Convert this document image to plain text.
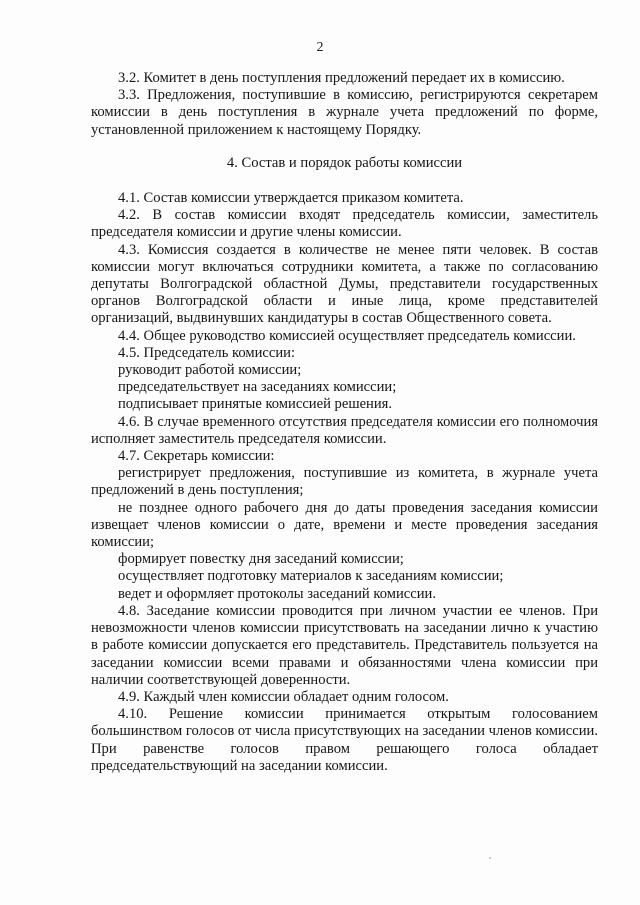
2

3.2. Комитет в день поступления предложений передает их в комиссию.

3.3. Предложения, поступившие в комиссию, регистрируются секретарем комиссии в день поступления в журнале учета предложений по форме, установленной приложением к настоящему Порядку.

4. Состав и порядок работы комиссии

4.1. Состав комиссии утверждается приказом комитета.

4.2. В состав комиссии входят председатель комиссии, заместитель председателя комиссии и другие члены комиссии.

4.3. Комиссия создается в количестве не менее пяти человек. В состав комиссии могут включаться сотрудники комитета, а также по согласованию депутаты Волгоградской областной Думы, представители государственных органов Волгоградской области и иные лица, кроме представителей организаций, выдвинувших кандидатуры в состав Общественного совета.

4.4. Общее руководство комиссией осуществляет председатель комиссии.

4.5. Председатель комиссии:

руководит работой комиссии;

председательствует на заседаниях комиссии;

подписывает принятые комиссией решения.

4.6. В случае временного отсутствия председателя комиссии его полномочия исполняет заместитель председателя комиссии.

4.7. Секретарь комиссии:

регистрирует предложения, поступившие из комитета, в журнале учета предложений в день поступления;

не позднее одного рабочего дня до даты проведения заседания комиссии извещает членов комиссии о дате, времени и месте проведения заседания комиссии;

формирует повестку дня заседаний комиссии;

осуществляет подготовку материалов к заседаниям комиссии;

ведет и оформляет протоколы заседаний комиссии.

4.8. Заседание комиссии проводится при личном участии ее членов. При невозможности членов комиссии присутствовать на заседании лично к участию в работе комиссии допускается его представитель. Представитель пользуется на заседании комиссии всеми правами и обязанностями члена комиссии при наличии соответствующей доверенности.

4.9. Каждый член комиссии обладает одним голосом.

4.10. Решение комиссии принимается открытым голосованием большинством голосов от числа присутствующих на заседании членов комиссии. При равенстве голосов правом решающего голоса обладает председательствующий на заседании комиссии.
